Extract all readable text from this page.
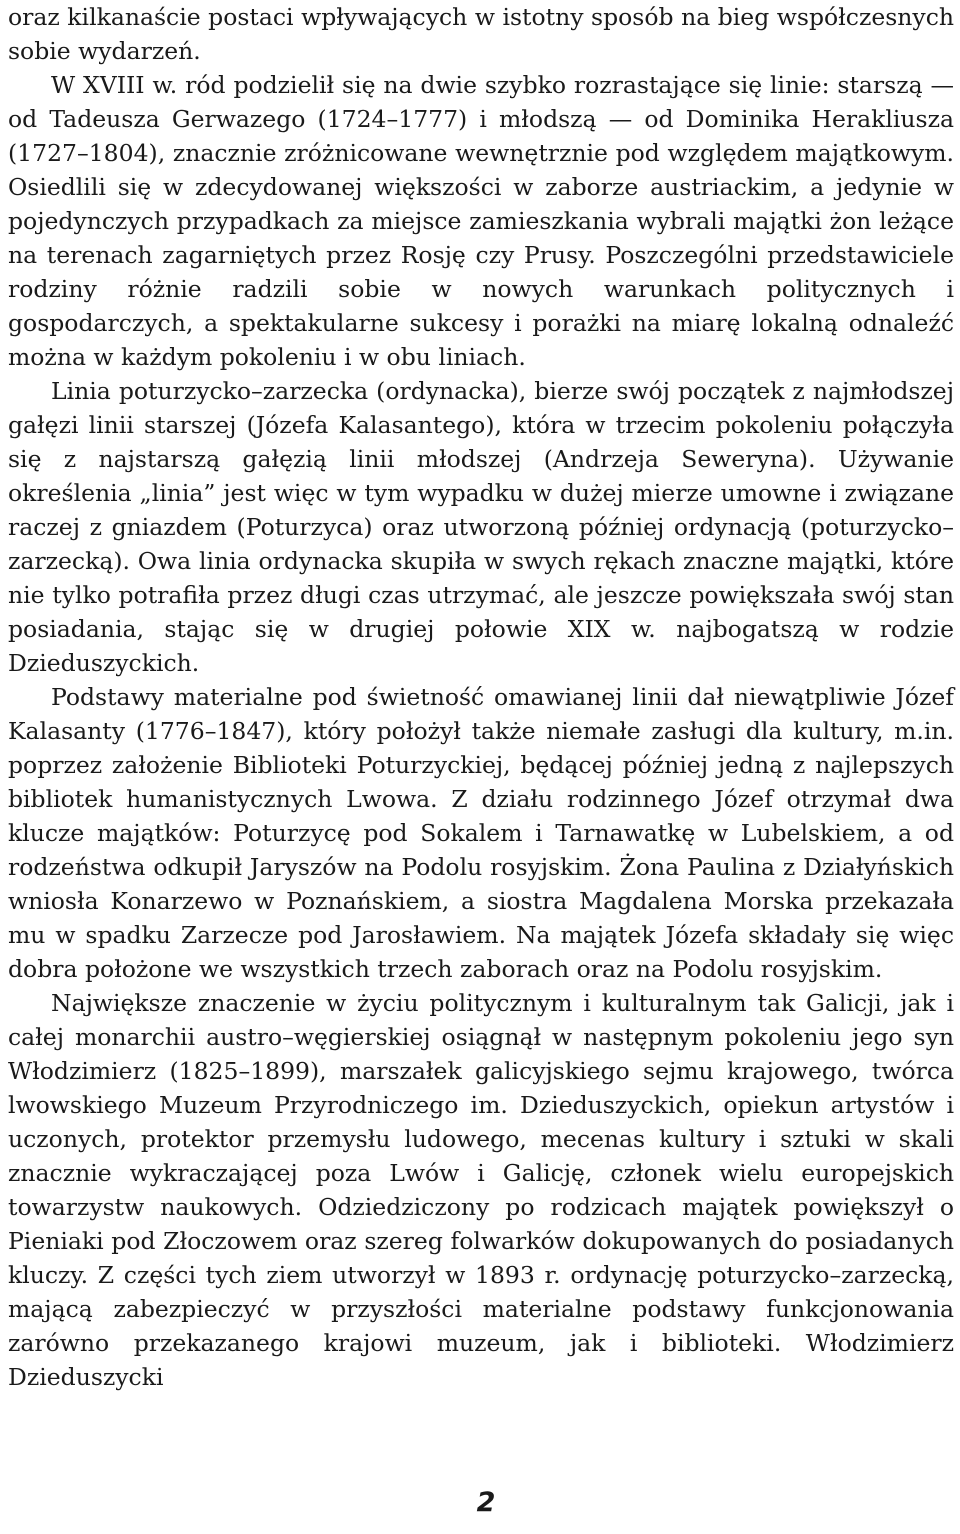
oraz kilkanaście postaci wpływających w istotny sposób na bieg współczesnych sobie wydarzeń.

W XVIII w. ród podzielił się na dwie szybko rozrastające się linie: starszą — od Tadeusza Gerwazego (1724–1777) i młodszą — od Dominika Herakliusza (1727–1804), znacznie zróżnicowane wewnętrznie pod względem majątkowym. Osiedlili się w zdecydowanej większości w zaborze austriackim, a jedynie w pojedynczych przypadkach za miejsce zamieszkania wybrali majątki żon leżące na terenach zagarniętych przez Rosję czy Prusy. Poszczególni przedstawiciele rodziny różnie radzili sobie w nowych warunkach politycznych i gospodarczych, a spektakularne sukcesy i porażki na miarę lokalną odnaleźć można w każdym pokoleniu i w obu liniach.

Linia poturzycko–zarzecka (ordynacka), bierze swój początek z najmłodszej gałęzi linii starszej (Józefa Kalasantego), która w trzecim pokoleniu połączyła się z najstarszą gałęzią linii młodszej (Andrzeja Seweryna). Używanie określenia „linia” jest więc w tym wypadku w dużej mierze umowne i związane raczej z gniazdem (Poturzyca) oraz utworzoną później ordynacją (poturzycko–zarzecką). Owa linia ordynacka skupiła w swych rękach znaczne majątki, które nie tylko potrafiła przez długi czas utrzymać, ale jeszcze powiększała swój stan posiadania, stając się w drugiej połowie XIX w. najbogatszą w rodzie Dzieduszyckich.

Podstawy materialne pod świetność omawianej linii dał niewątpliwie Józef Kalasanty (1776–1847), który położył także niemałe zasługi dla kultury, m.in. poprzez założenie Biblioteki Poturzyckiej, będącej później jedną z najlepszych bibliotek humanistycznych Lwowa. Z działu rodzinnego Józef otrzymał dwa klucze majątków: Poturzycę pod Sokalem i Tarnawatkę w Lubelskiem, a od rodzeństwa odkupił Jaryszów na Podolu rosyjskim. Żona Paulina z Działyńskich wniosła Konarzewo w Poznańskiem, a siostra Magdalena Morska przekazała mu w spadku Zarzecze pod Jarosławiem. Na majątek Józefa składały się więc dobra położone we wszystkich trzech zaborach oraz na Podolu rosyjskim.

Największe znaczenie w życiu politycznym i kulturalnym tak Galicji, jak i całej monarchii austro–węgierskiej osiągnął w następnym pokoleniu jego syn Włodzimierz (1825–1899), marszałek galicyjskiego sejmu krajowego, twórca lwowskiego Muzeum Przyrodniczego im. Dzieduszyckich, opiekun artystów i uczonych, protektor przemysłu ludowego, mecenas kultury i sztuki w skali znacznie wykraczającej poza Lwów i Galicję, członek wielu europejskich towarzystw naukowych. Odziedziczony po rodzicach majątek powiększył o Pieniaki pod Złoczowem oraz szereg folwarków dokupowanych do posiadanych kluczy. Z części tych ziem utworzył w 1893 r. ordynację poturzycko–zarzecką, mającą zabezpieczyć w przyszłości materialne podstawy funkcjonowania zarówno przekazanego krajowi muzeum, jak i biblioteki. Włodzimierz Dzieduszycki

2
